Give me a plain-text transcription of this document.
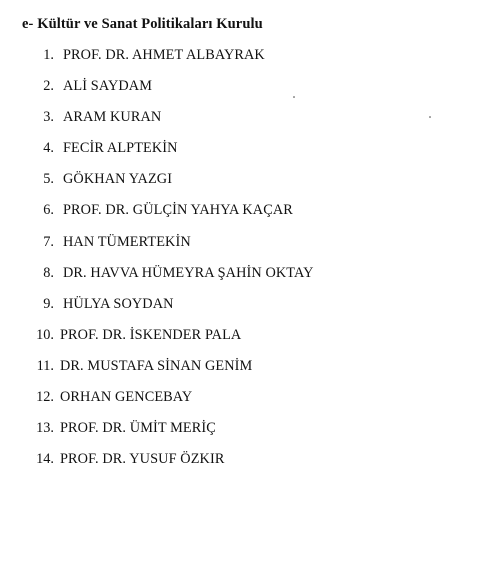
e- Kültür ve Sanat Politikaları Kurulu
1. PROF. DR. AHMET ALBAYRAK
2. ALİ SAYDAM
3. ARAM KURAN
4. FECİR ALPTEKİN
5. GÖKHAN YAZGI
6. PROF. DR. GÜLÇİN YAHYA KAÇAR
7. HAN TÜMERTEKİN
8. DR. HAVVA HÜMEYRA ŞAHİN OKTAY
9. HÜLYA SOYDAN
10. PROF. DR. İSKENDER PALA
11. DR. MUSTAFA SİNAN GENİM
12. ORHAN GENCEBAY
13. PROF. DR. ÜMİT MERİÇ
14. PROF. DR. YUSUF ÖZKIR
